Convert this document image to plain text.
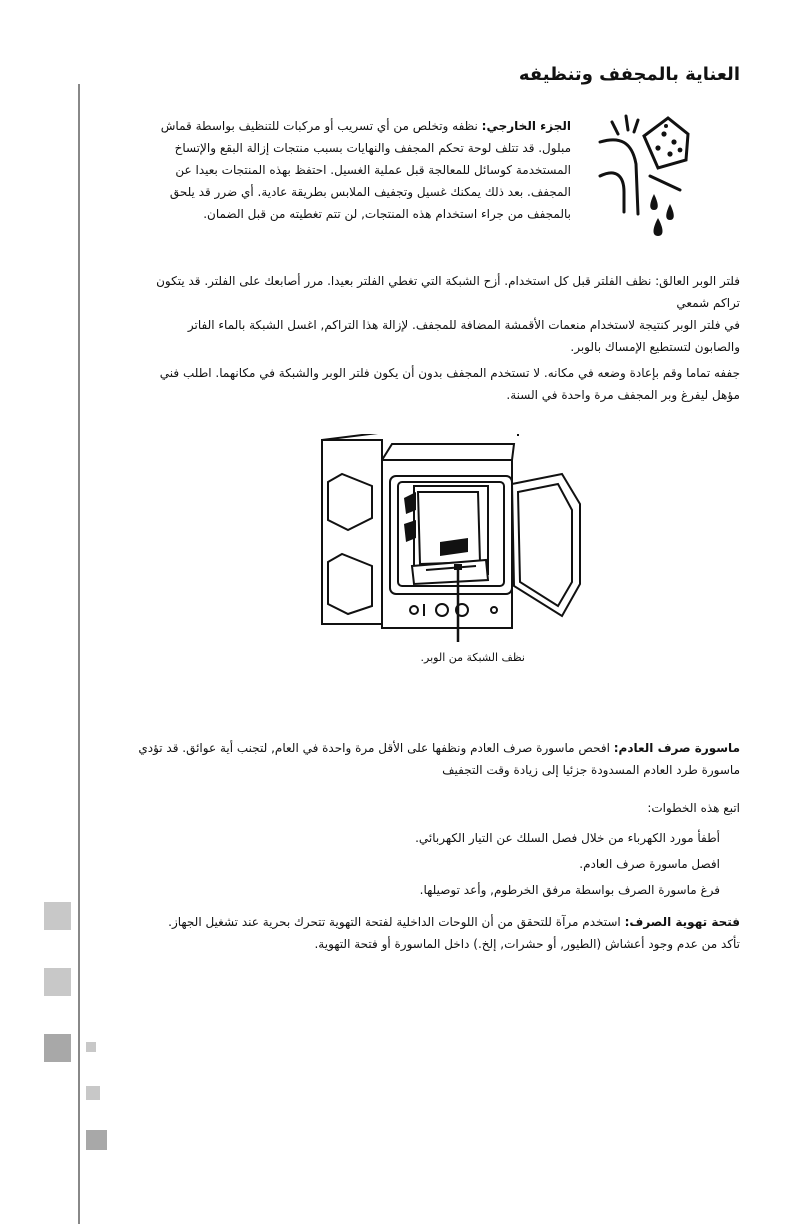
العناية بالمجفف وتنظيفه

الجزء الخارجي: نظفه وتخلص من أي تسريب أو مركبات للتنظيف بواسطة قماش مبلول. قد تتلف لوحة تحكم المجفف والنهايات بسبب منتجات إزالة البقع والإتساخ المستخدمة كوسائل للمعالجة قبل عملية الغسيل. احتفظ بهذه المنتجات بعيدا عن المجفف. بعد ذلك يمكنك غسيل وتجفيف الملابس بطريقة عادية. أي ضرر قد يلحق بالمجفف من جراء استخدام هذه المنتجات, لن تتم تغطيته من قبل الضمان.

فلتر الوبر العالق: نظف الفلتر قبل كل استخدام. أزح الشبكة التي تغطي الفلتر بعيدا. مرر أصابعك على الفلتر. قد يتكون تراكم شمعي

في فلتر الوبر كنتيجة لاستخدام منعمات الأقمشة المضافة للمجفف. لإزالة هذا التراكم, اغسل الشبكة بالماء الفاتر والصابون لتستطيع الإمساك بالوبر.

جففه تماما وقم بإعادة وضعه في مكانه. لا تستخدم المجفف بدون أن يكون فلتر الوبر والشبكة في مكانهما. اطلب فني مؤهل ليفرغ وبر المجفف مرة واحدة في السنة.

نظف الشبكة من الوبر.

ماسورة صرف العادم: افحص ماسورة صرف العادم ونظفها على الأقل مرة واحدة في العام, لتجنب أية عوائق. قد تؤدي ماسورة طرد العادم المسدودة جزئيا إلى زيادة وقت التجفيف

اتبع هذه الخطوات:

أطفأ مورد الكهرباء من خلال فصل السلك عن التيار الكهربائي.
افصل ماسورة صرف العادم.
فرغ ماسورة الصرف بواسطة مرفق الخرطوم, وأعد توصيلها.

فتحة تهوية الصرف: استخدم مرآة للتحقق من أن اللوحات الداخلية لفتحة التهوية تتحرك بحرية عند تشغيل الجهاز. تأكد من عدم وجود أعشاش (الطيور, أو حشرات, إلخ.) داخل الماسورة أو فتحة التهوية.
